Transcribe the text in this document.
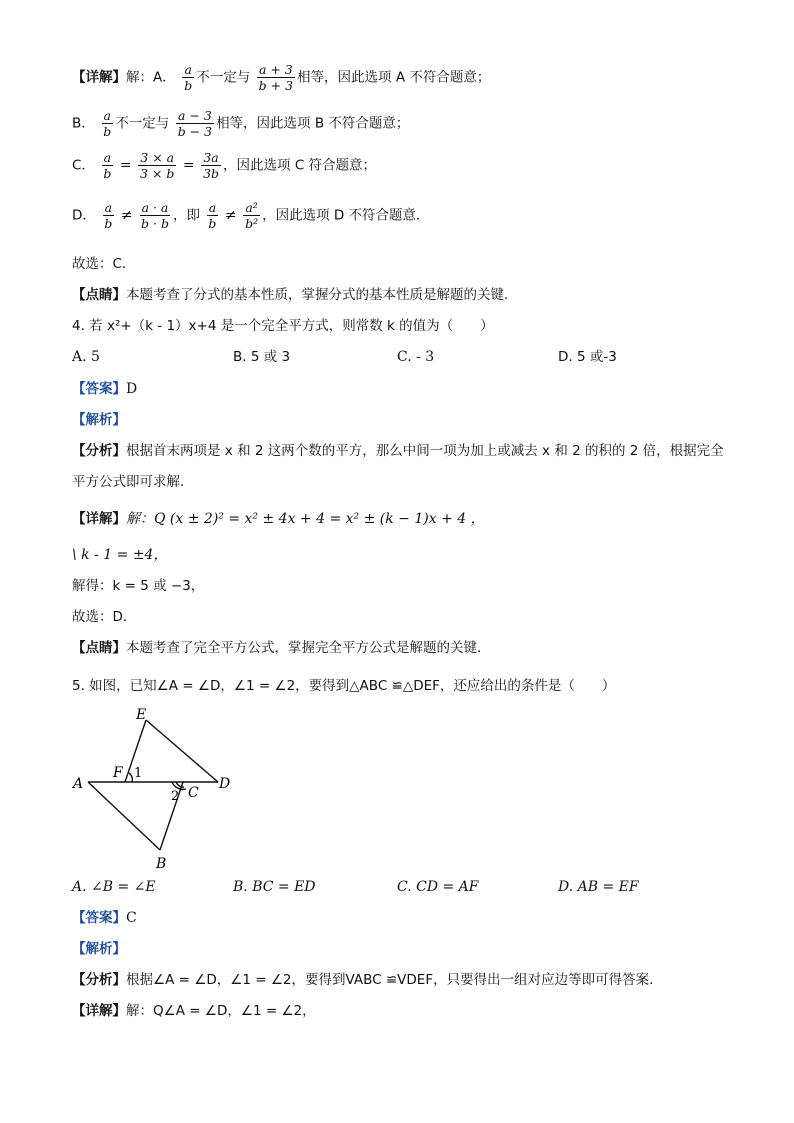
【详解】解：A． $\frac{a}{b}$ 不一定与 $\frac{a + 3}{b + 3}$ 相等，因此选项 A 不符合题意；
B． $\frac{a}{b}$ 不一定与 $\frac{a - 3}{b - 3}$ 相等，因此选项 B 不符合题意；
C． $\frac{a}{b} = \frac{3 \times a}{3 \times b} = \frac{3a}{3b}$ ，因此选项 C 符合题意；
D． $\frac{a}{b} \ne \frac{a \cdot a}{b \cdot b}$ ，即 $\frac{a}{b} \ne \frac{\text{a²}}{\text{b²}}$ ，因此选项 D 不符合题意．
故选：C．
【点睛】本题考查了分式的基本性质，掌握分式的基本性质是解题的关键．
4. 若 x²+（k - 1）x+4 是一个完全平方式，则常数 k 的值为（　　）
A. 5	B. 5 或 3	C. - 3	D. 5 或-3
【答案】D
【解析】
【分析】根据首末两项是 x 和 2 这两个数的平方，那么中间一项为加上或减去 x 和 2 的积的 2 倍，根据完全
平方公式即可求解．
【详解】解：Q (x ± 2)² = x² ± 4x + 4 = x² ± (k − 1)x + 4 ，
\ k - 1 = ±4，
解得：k = 5 或 −3，
故选：D．
【点睛】本题考查了完全平方公式，掌握完全平方公式是解题的关键．
5. 如图，已知∠A = ∠D，∠1 = ∠2，要得到△ABC ≌△DEF，还应给出的条件是（　　）
E
F 1
A	D
2 C
B
A. ∠B = ∠E	B. BC = ED	C. CD = AF	D. AB = EF
【答案】C
【解析】
【分析】根据∠A = ∠D，∠1 = ∠2，要得到VABC ≌VDEF，只要得出一组对应边等即可得答案．
【详解】解：Q∠A = ∠D，∠1 = ∠2，
